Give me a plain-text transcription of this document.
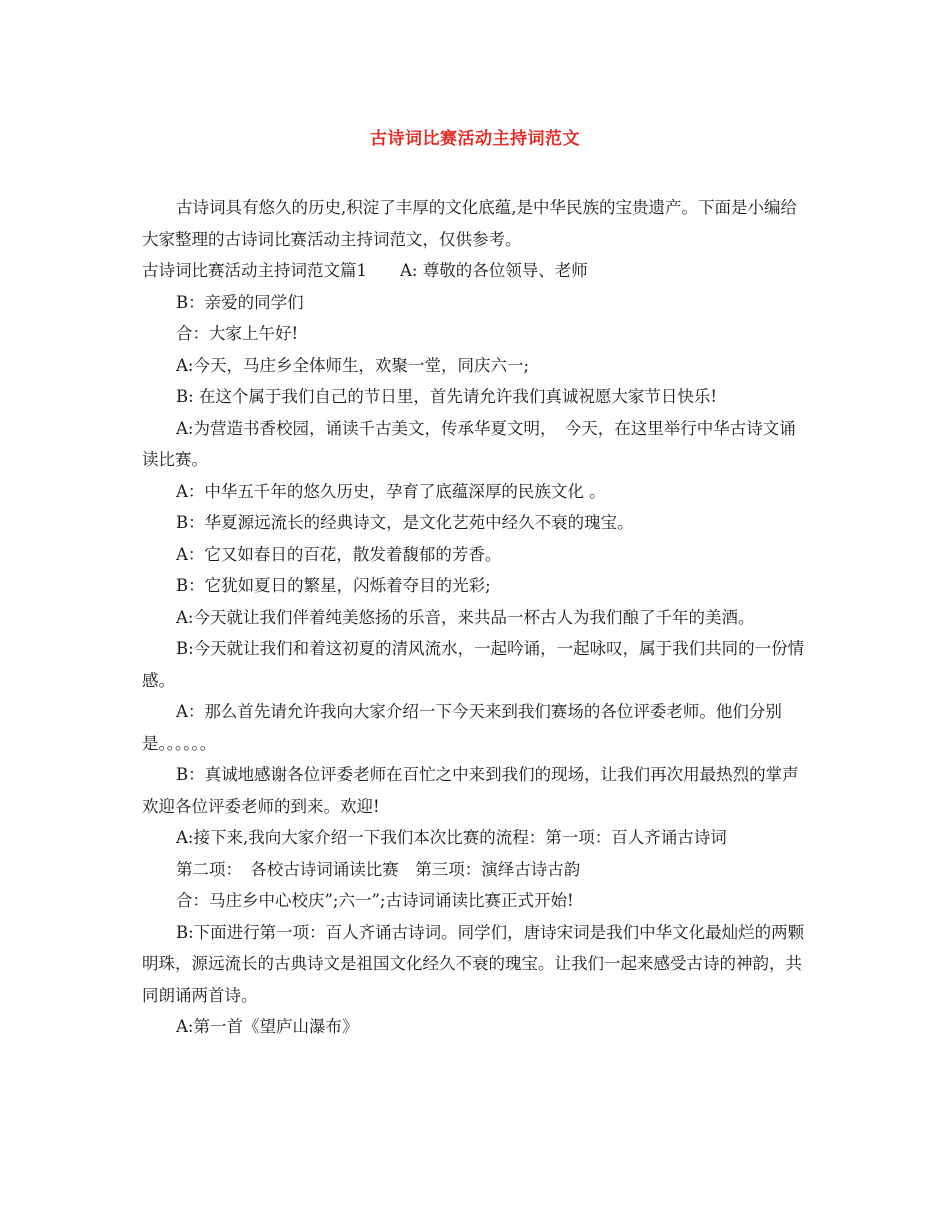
古诗词比赛活动主持词范文

古诗词具有悠久的历史,积淀了丰厚的文化底蕴,是中华民族的宝贵遗产。下面是小编给大家整理的古诗词比赛活动主持词范文，仅供参考。

古诗词比赛活动主持词范文篇1　　A: 尊敬的各位领导、老师

B：亲爱的同学们

合：大家上午好!

A:今天，马庄乡全体师生，欢聚一堂，同庆六一;

B: 在这个属于我们自己的节日里，首先请允许我们真诚祝愿大家节日快乐!

A:为营造书香校园，诵读千古美文，传承华夏文明，　今天，在这里举行中华古诗文诵读比赛。

A：中华五千年的悠久历史，孕育了底蕴深厚的民族文化 。

B：华夏源远流长的经典诗文，是文化艺苑中经久不衰的瑰宝。

A：它又如春日的百花，散发着馥郁的芳香。

B：它犹如夏日的繁星，闪烁着夺目的光彩;

A:今天就让我们伴着纯美悠扬的乐音，来共品一杯古人为我们酿了千年的美酒。

B:今天就让我们和着这初夏的清风流水，一起吟诵，一起咏叹，属于我们共同的一份情感。

A：那么首先请允许我向大家介绍一下今天来到我们赛场的各位评委老师。他们分别是。。。。。。

B：真诚地感谢各位评委老师在百忙之中来到我们的现场，让我们再次用最热烈的掌声欢迎各位评委老师的到来。欢迎!

A:接下来,我向大家介绍一下我们本次比赛的流程：第一项：百人齐诵古诗词

第二项：　各校古诗词诵读比赛　第三项：演绎古诗古韵

合：马庄乡中心校庆”;六一”;古诗词诵读比赛正式开始!

B:下面进行第一项：百人齐诵古诗词。同学们，唐诗宋词是我们中华文化最灿烂的两颗明珠，源远流长的古典诗文是祖国文化经久不衰的瑰宝。让我们一起来感受古诗的神韵，共同朗诵两首诗。

A:第一首《望庐山瀑布》
